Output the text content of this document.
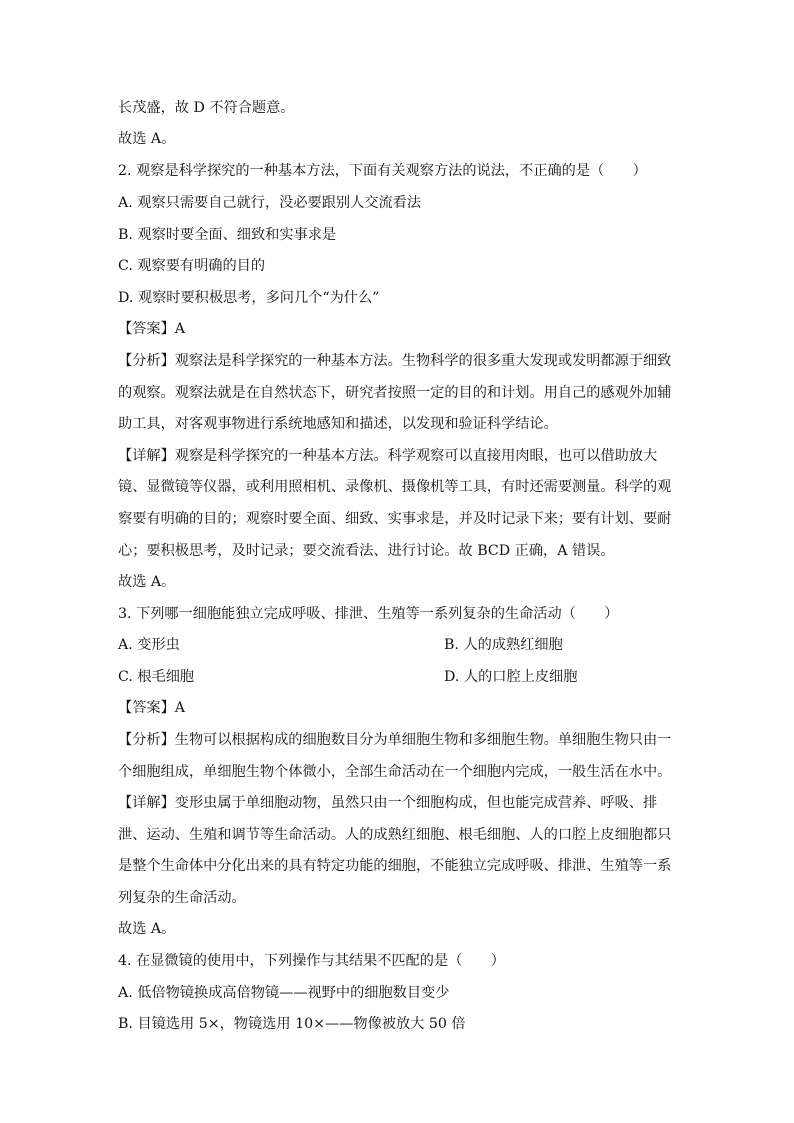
长茂盛，故 D 不符合题意。
故选 A。
2. 观察是科学探究的一种基本方法，下面有关观察方法的说法，不正确的是（　　）
A. 观察只需要自己就行，没必要跟别人交流看法
B. 观察时要全面、细致和实事求是
C. 观察要有明确的目的
D. 观察时要积极思考，多问几个“为什么”
【答案】A
【分析】观察法是科学探究的一种基本方法。生物科学的很多重大发现或发明都源于细致
的观察。观察法就是在自然状态下，研究者按照一定的目的和计划。用自己的感观外加辅
助工具，对客观事物进行系统地感知和描述，以发现和验证科学结论。
【详解】观察是科学探究的一种基本方法。科学观察可以直接用肉眼，也可以借助放大
镜、显微镜等仪器，或利用照相机、录像机、摄像机等工具，有时还需要测量。科学的观
察要有明确的目的；观察时要全面、细致、实事求是，并及时记录下来；要有计划、要耐
心；要积极思考，及时记录；要交流看法、进行讨论。故 BCD 正确，A 错误。
故选 A。
3. 下列哪一细胞能独立完成呼吸、排泄、生殖等一系列复杂的生命活动（　　）
A. 变形虫	B. 人的成熟红细胞
C. 根毛细胞	D. 人的口腔上皮细胞
【答案】A
【分析】生物可以根据构成的细胞数目分为单细胞生物和多细胞生物。单细胞生物只由一
个细胞组成，单细胞生物个体微小，全部生命活动在一个细胞内完成，一般生活在水中。
【详解】变形虫属于单细胞动物，虽然只由一个细胞构成，但也能完成营养、呼吸、排
泄、运动、生殖和调节等生命活动。人的成熟红细胞、根毛细胞、人的口腔上皮细胞都只
是整个生命体中分化出来的具有特定功能的细胞，不能独立完成呼吸、排泄、生殖等一系
列复杂的生命活动。
故选 A。
4. 在显微镜的使用中，下列操作与其结果不匹配的是（　　）
A. 低倍物镜换成高倍物镜——视野中的细胞数目变少
B. 目镜选用 5×，物镜选用 10×——物像被放大 50 倍
